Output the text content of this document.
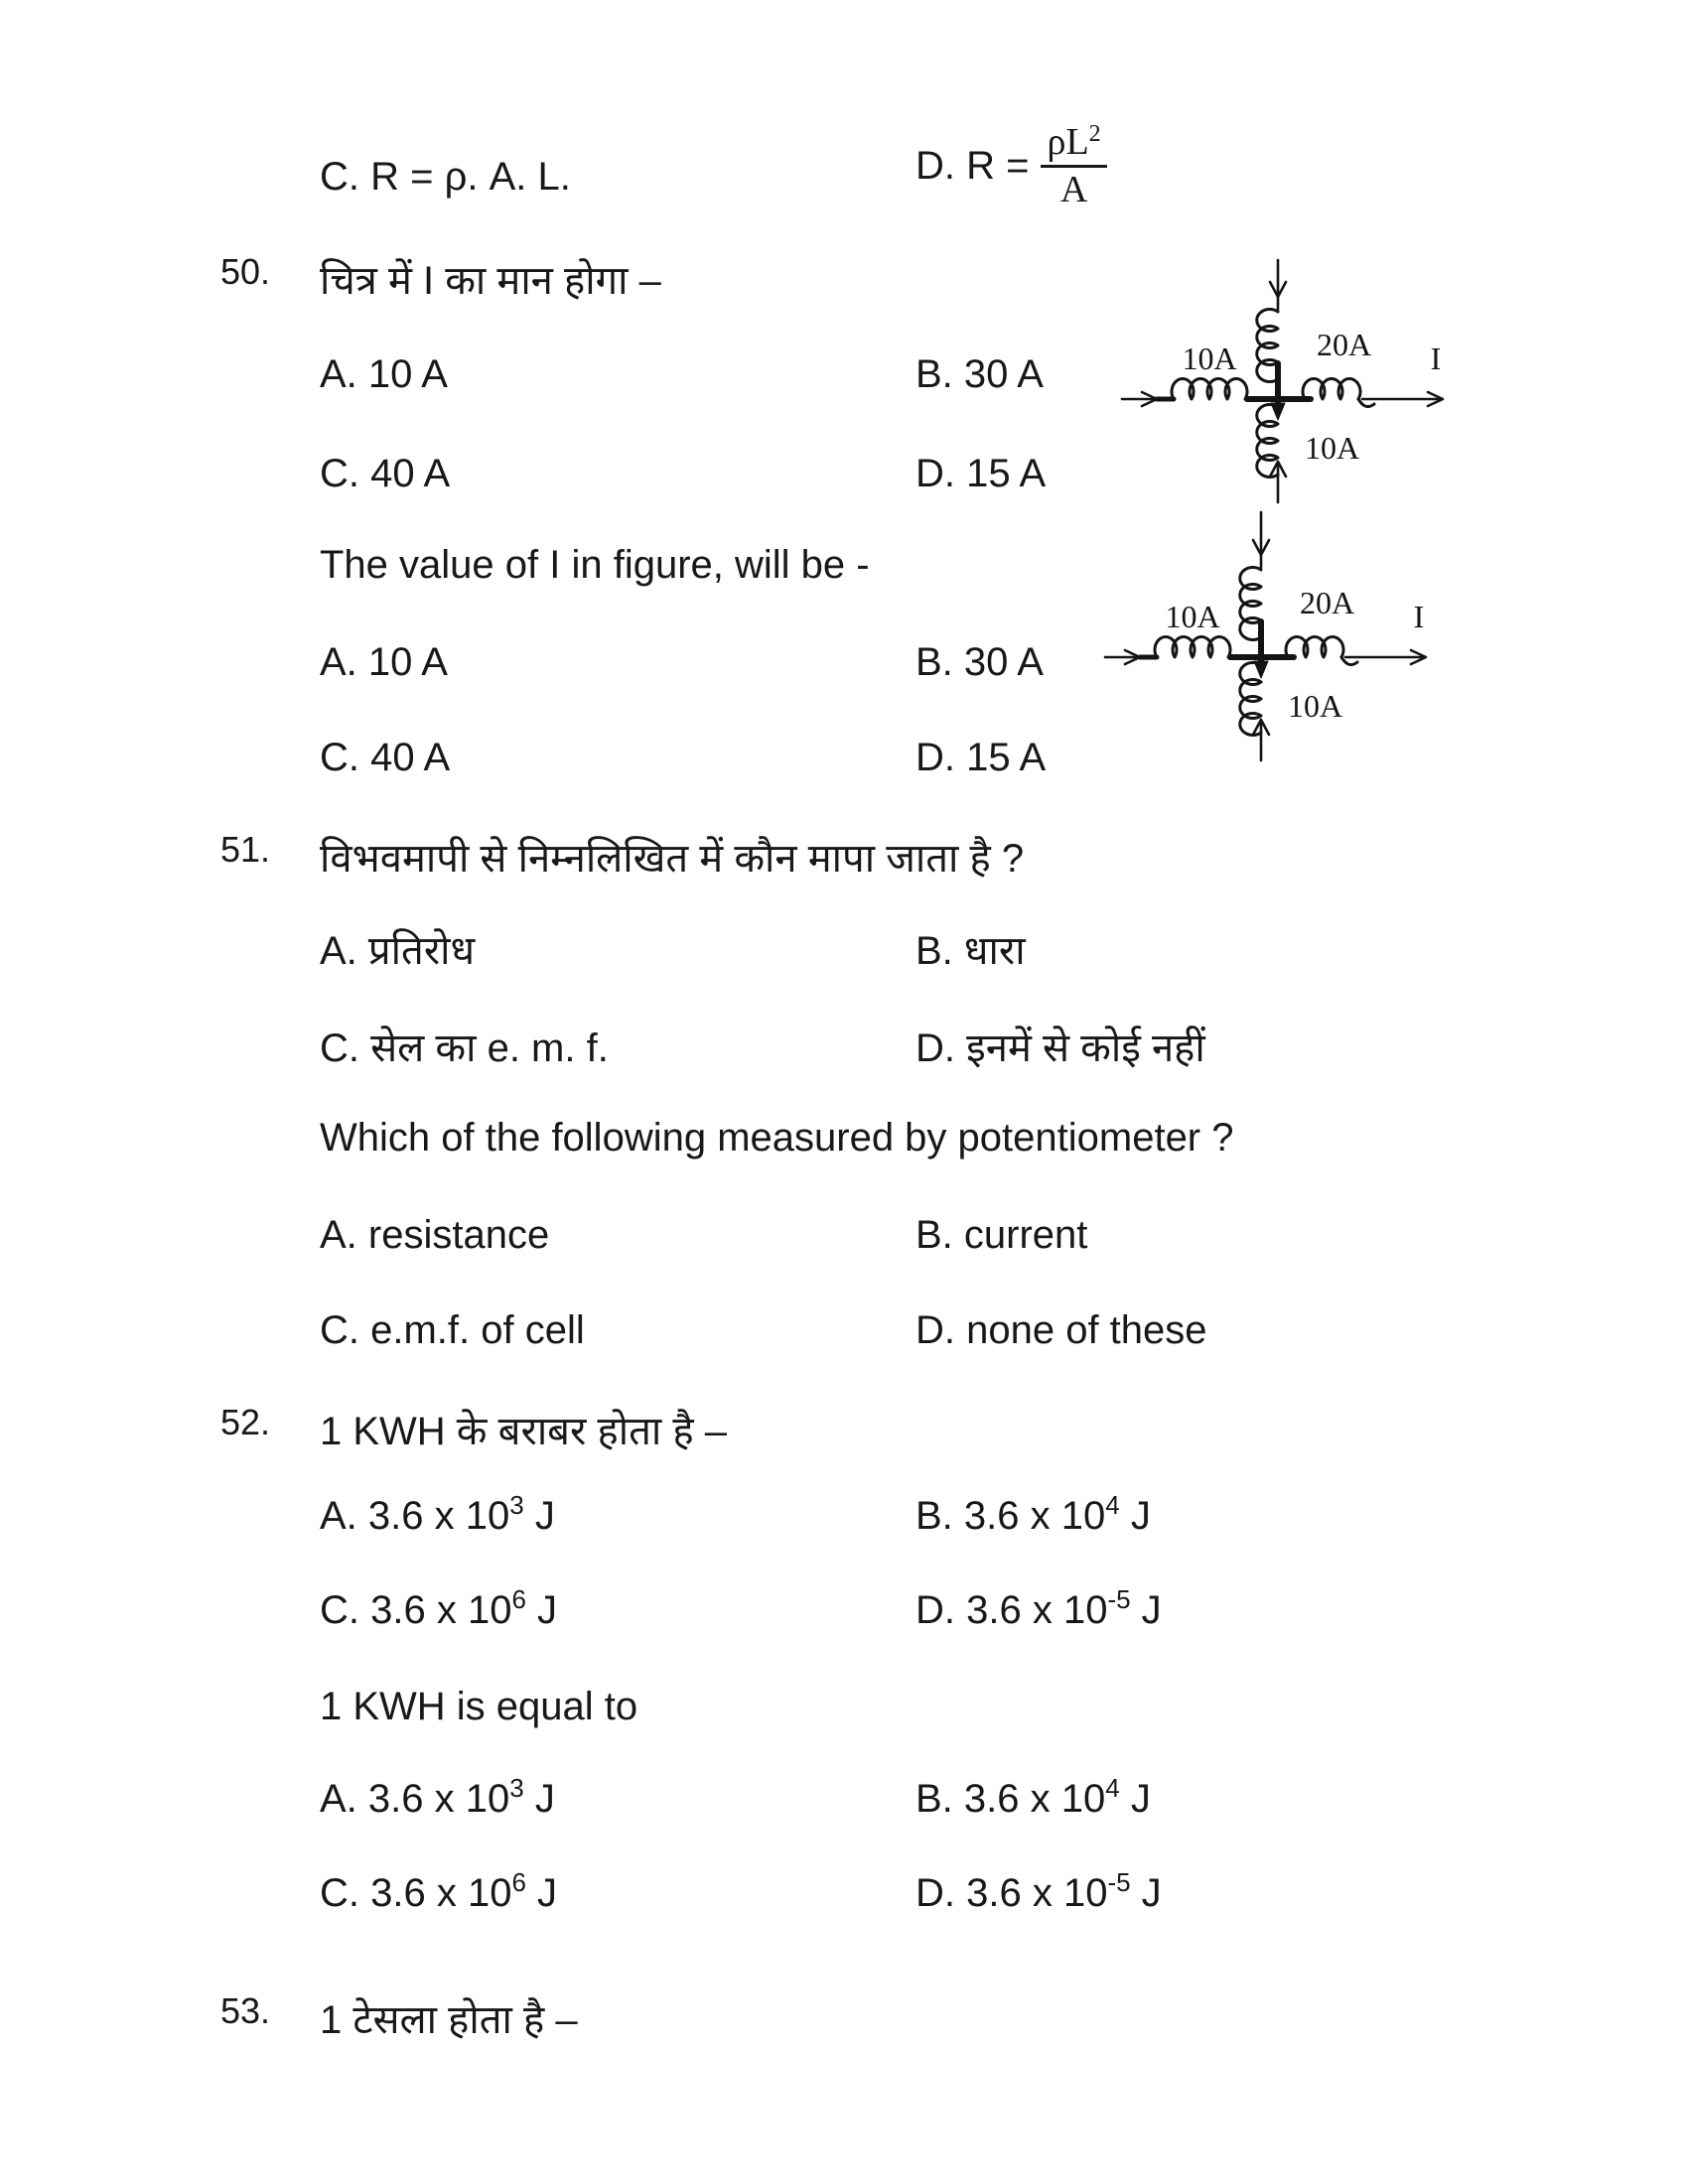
C. R = ρ. A. L.	D. $R = \frac{\rho L^2}{A}$
50. चित्र में I का मान होगा –
A. 10 A	B. 30 A
C. 40 A	D. 15 A
The value of I in figure, will be -
A. 10 A	B. 30 A
C. 40 A	D. 15 A
10A	20A
10A
I
10A	20A
10A
I
51. विभवमापी से निम्नलिखित में कौन मापा जाता है ?
A. प्रतिरोध	B. धारा
C. सेल का e. m. f.	D. इनमें से कोई नहीं
Which of the following measured by potentiometer ?
A. resistance	B. current
C. e.m.f. of cell	D. none of these
52. 1 KWH के बराबर होता है –
A. 3.6 x $10^3$ J	B. 3.6 x $10^4$ J
C. 3.6 x $10^6$ J	D. 3.6 x $10^{-5}$ J
1 KWH is equal to
A. 3.6 x $10^3$ J	B. 3.6 x $10^4$ J
C. 3.6 x $10^6$ J	D. 3.6 x $10^{-5}$ J
53. 1 टेसला होता है –
